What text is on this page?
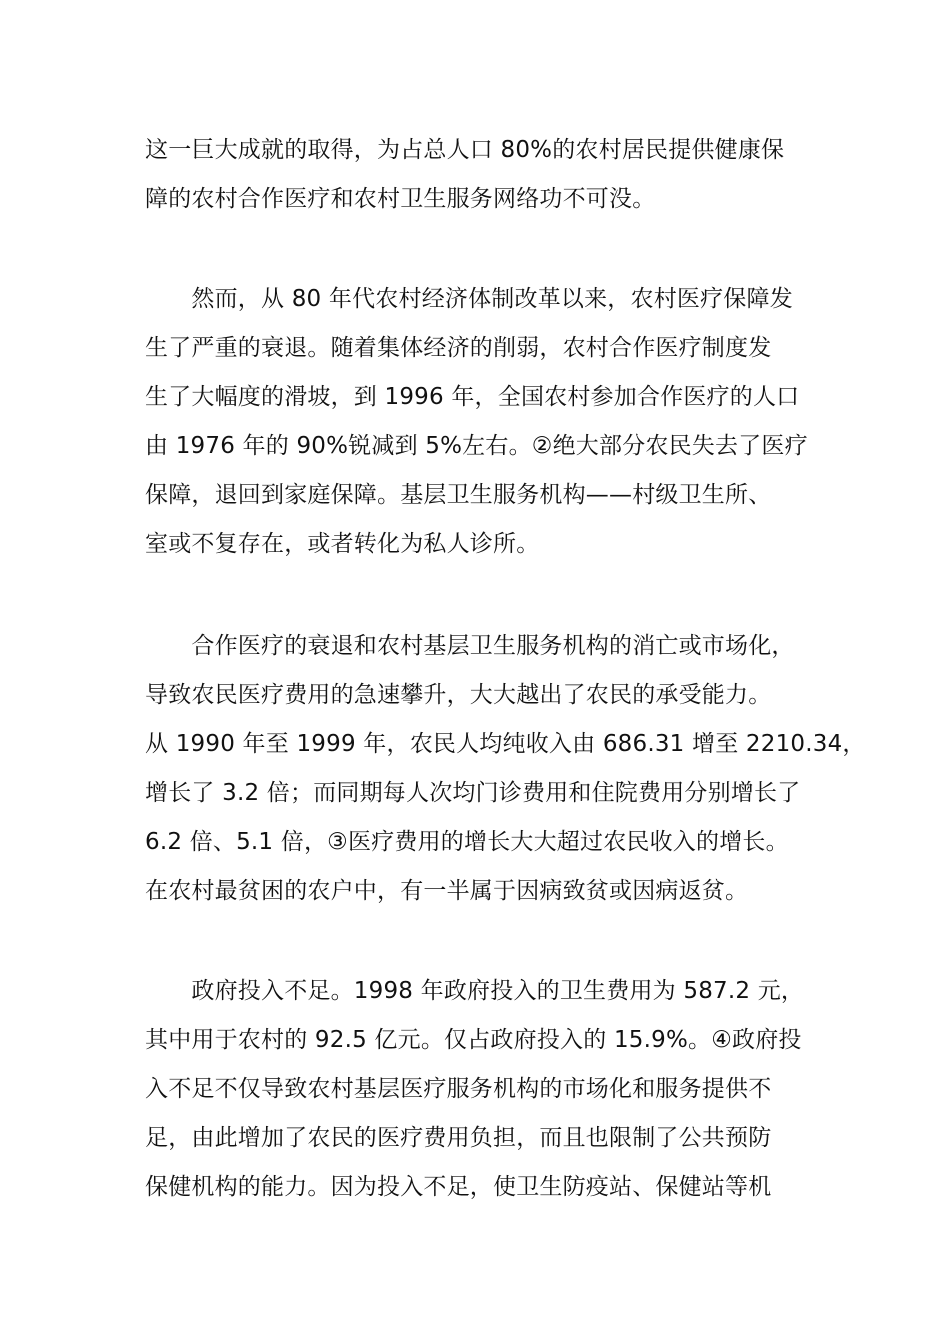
这一巨大成就的取得，为占总人口 80%的农村居民提供健康保
障的农村合作医疗和农村卫生服务网络功不可没。
　　然而，从 80 年代农村经济体制改革以来，农村医疗保障发
生了严重的衰退。随着集体经济的削弱，农村合作医疗制度发
生了大幅度的滑坡，到 1996 年，全国农村参加合作医疗的人口
由 1976 年的 90%锐减到 5%左右。②绝大部分农民失去了医疗
保障，退回到家庭保障。基层卫生服务机构——村级卫生所、
室或不复存在，或者转化为私人诊所。
　　合作医疗的衰退和农村基层卫生服务机构的消亡或市场化，
导致农民医疗费用的急速攀升，大大越出了农民的承受能力。
从 1990 年至 1999 年，农民人均纯收入由 686.31 增至 2210.34，
增长了 3.2 倍；而同期每人次均门诊费用和住院费用分别增长了
6.2 倍、5.1 倍，③医疗费用的增长大大超过农民收入的增长。
在农村最贫困的农户中，有一半属于因病致贫或因病返贫。
　　政府投入不足。1998 年政府投入的卫生费用为 587.2 元，
其中用于农村的 92.5 亿元。仅占政府投入的 15.9%。④政府投
入不足不仅导致农村基层医疗服务机构的市场化和服务提供不
足，由此增加了农民的医疗费用负担，而且也限制了公共预防
保健机构的能力。因为投入不足，使卫生防疫站、保健站等机
